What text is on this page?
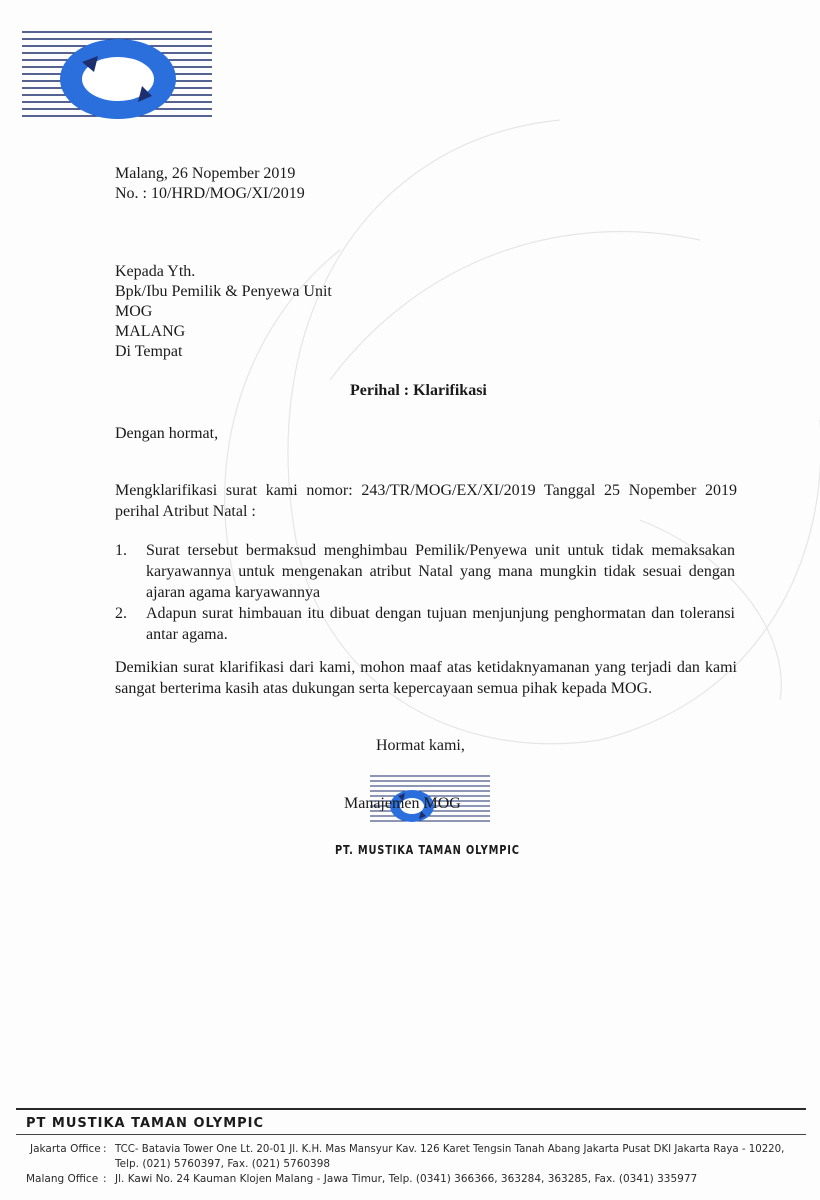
Malang, 26 Nopember 2019
No. : 10/HRD/MOG/XI/2019
Kepada Yth.
Bpk/Ibu Pemilik & Penyewa Unit
MOG
MALANG
Di Tempat
Perihal : Klarifikasi
Dengan hormat,
Mengklarifikasi surat kami nomor: 243/TR/MOG/EX/XI/2019 Tanggal 25 Nopember 2019 perihal Atribut Natal :
1. Surat tersebut bermaksud menghimbau Pemilik/Penyewa unit untuk tidak memaksakan karyawannya untuk mengenakan atribut Natal yang mana mungkin tidak sesuai dengan ajaran agama karyawannya
2. Adapun surat himbauan itu dibuat dengan tujuan menjunjung penghormatan dan toleransi antar agama.
Demikian surat klarifikasi dari kami, mohon maaf atas ketidaknyamanan yang terjadi dan kami sangat berterima kasih atas dukungan serta kepercayaan semua pihak kepada MOG.
Hormat kami,
Manajemen MOG
PT. MUSTIKA TAMAN OLYMPIC
PT MUSTIKA TAMAN OLYMPIC
Jakarta Office : TCC- Batavia Tower One Lt. 20-01 Jl. K.H. Mas Mansyur Kav. 126 Karet Tengsin Tanah Abang Jakarta Pusat DKI Jakarta Raya - 10220,
Telp. (021) 5760397, Fax. (021) 5760398
Malang Office : Jl. Kawi No. 24 Kauman Klojen Malang - Jawa Timur, Telp. (0341) 366366, 363284, 363285, Fax. (0341) 335977
